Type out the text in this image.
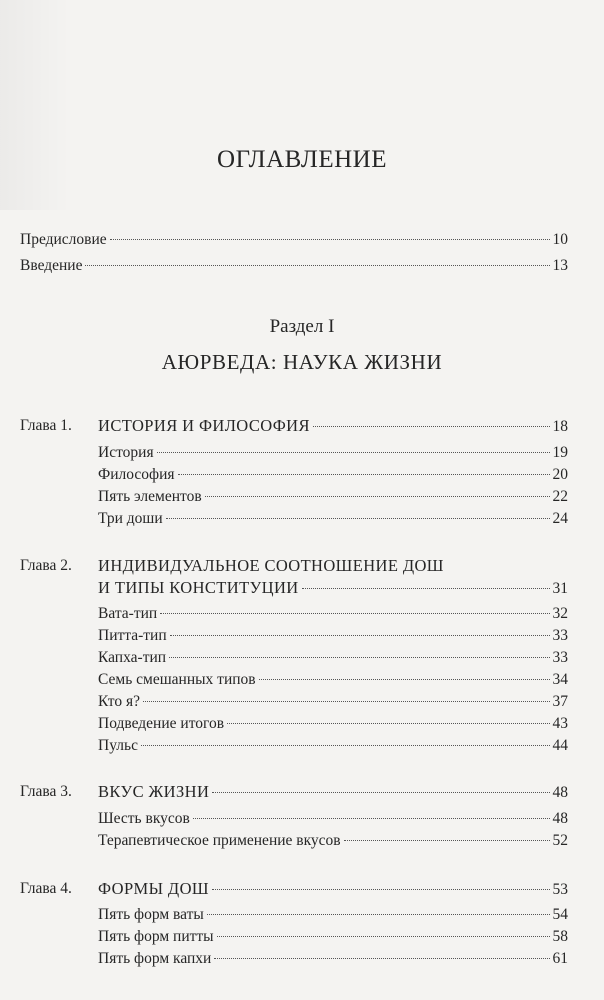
ОГЛАВЛЕНИЕ
Предисловие	10
Введение	13
Раздел I
АЮРВЕДА: НАУКА ЖИЗНИ
Глава 1. ИСТОРИЯ И ФИЛОСОФИЯ	18
История	19
Философия	20
Пять элементов	22
Три доши	24
Глава 2. ИНДИВИДУАЛЬНОЕ СООТНОШЕНИЕ ДОШ
И ТИПЫ КОНСТИТУЦИИ	31
Вата-тип	32
Питта-тип	33
Капха-тип	33
Семь смешанных типов	34
Кто я?	37
Подведение итогов	43
Пульс	44
Глава 3. ВКУС ЖИЗНИ	48
Шесть вкусов	48
Терапевтическое применение вкусов	52
Глава 4. ФОРМЫ ДОШ	53
Пять форм ваты	54
Пять форм питты	58
Пять форм капхи	61
